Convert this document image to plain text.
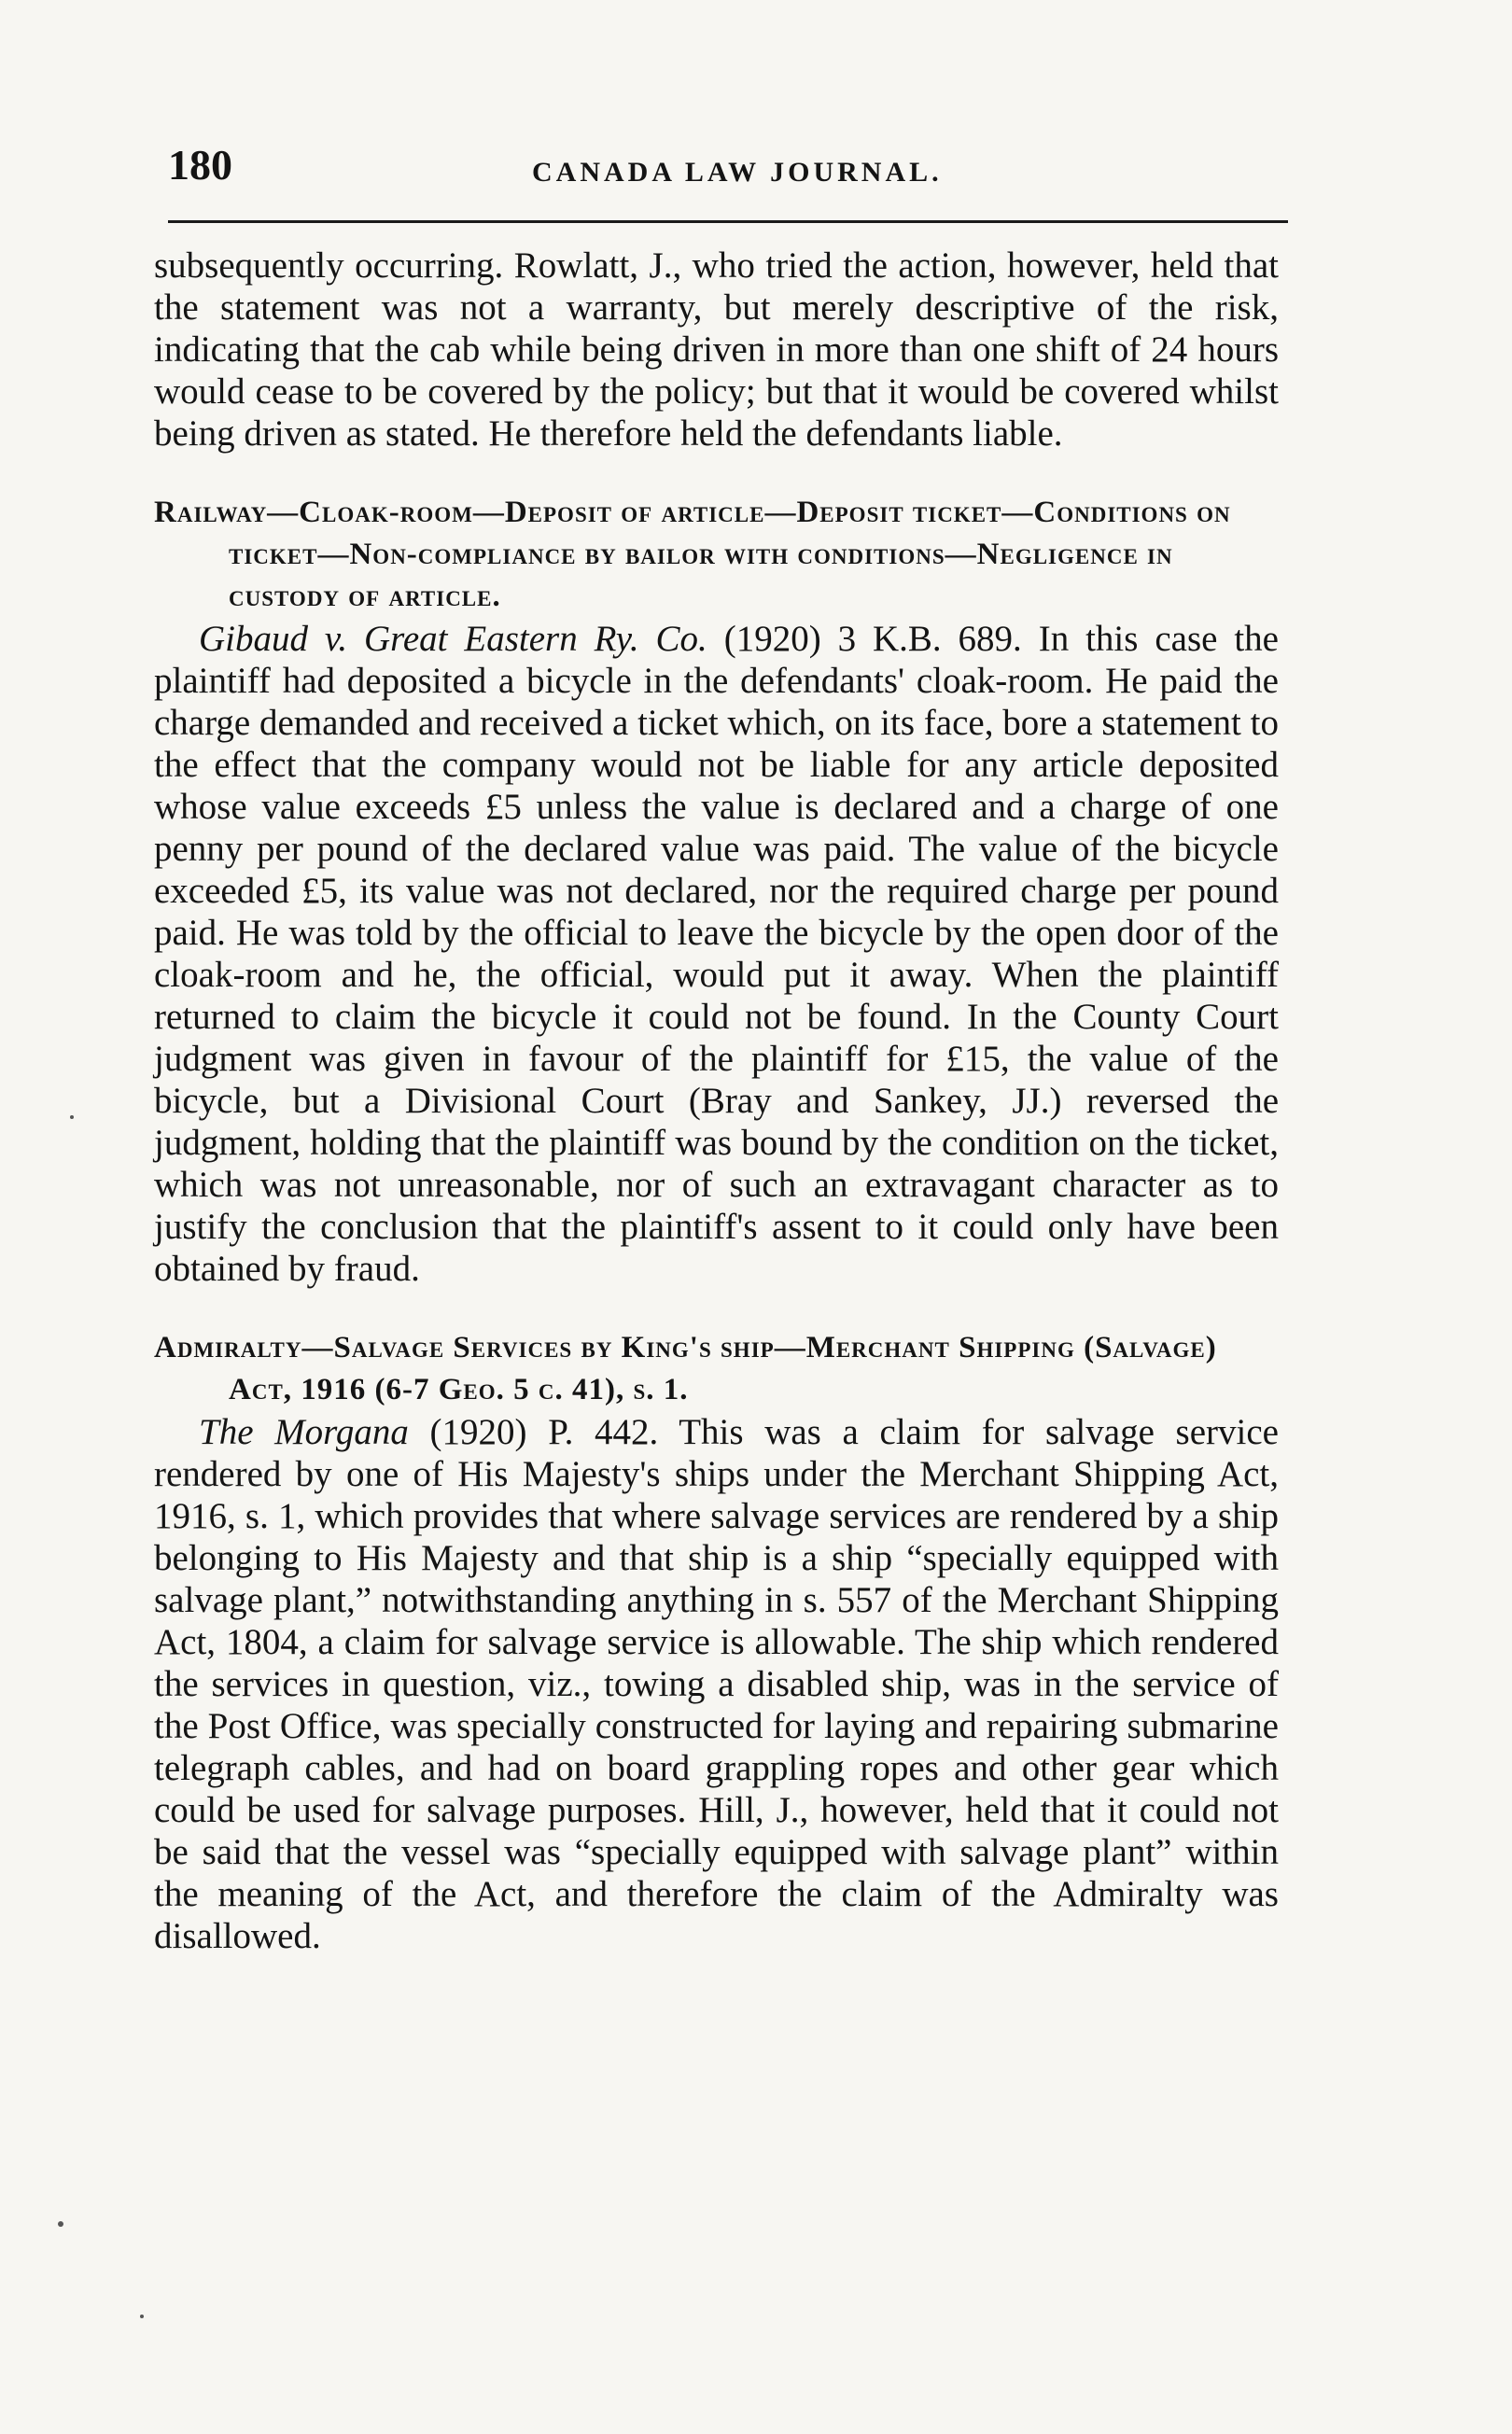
180	CANADA LAW JOURNAL.

subsequently occurring. Rowlatt, J., who tried the action, however, held that the statement was not a warranty, but merely descriptive of the risk, indicating that the cab while being driven in more than one shift of 24 hours would cease to be covered by the policy; but that it would be covered whilst being driven as stated. He therefore held the defendants liable.

Railway—Cloak-room—Deposit of article—Deposit ticket—Conditions on ticket—Non-compliance by bailor with conditions—Negligence in custody of article.

Gibaud v. Great Eastern Ry. Co. (1920) 3 K.B. 689. In this case the plaintiff had deposited a bicycle in the defendants' cloak-room. He paid the charge demanded and received a ticket which, on its face, bore a statement to the effect that the company would not be liable for any article deposited whose value exceeds £5 unless the value is declared and a charge of one penny per pound of the declared value was paid. The value of the bicycle exceeded £5, its value was not declared, nor the required charge per pound paid. He was told by the official to leave the bicycle by the open door of the cloak-room and he, the official, would put it away. When the plaintiff returned to claim the bicycle it could not be found. In the County Court judgment was given in favour of the plaintiff for £15, the value of the bicycle, but a Divisional Court (Bray and Sankey, JJ.) reversed the judgment, holding that the plaintiff was bound by the condition on the ticket, which was not unreasonable, nor of such an extravagant character as to justify the conclusion that the plaintiff's assent to it could only have been obtained by fraud.

Admiralty—Salvage Services by King's ship—Merchant Shipping (Salvage) Act, 1916 (6-7 Geo. 5 c. 41), s. 1.

The Morgana (1920) P. 442. This was a claim for salvage service rendered by one of His Majesty's ships under the Merchant Shipping Act, 1916, s. 1, which provides that where salvage services are rendered by a ship belonging to His Majesty and that ship is a ship “specially equipped with salvage plant,” notwithstanding anything in s. 557 of the Merchant Shipping Act, 1804, a claim for salvage service is allowable. The ship which rendered the services in question, viz., towing a disabled ship, was in the service of the Post Office, was specially constructed for laying and repairing submarine telegraph cables, and had on board grappling ropes and other gear which could be used for salvage purposes. Hill, J., however, held that it could not be said that the vessel was “specially equipped with salvage plant” within the meaning of the Act, and therefore the claim of the Admiralty was disallowed.
